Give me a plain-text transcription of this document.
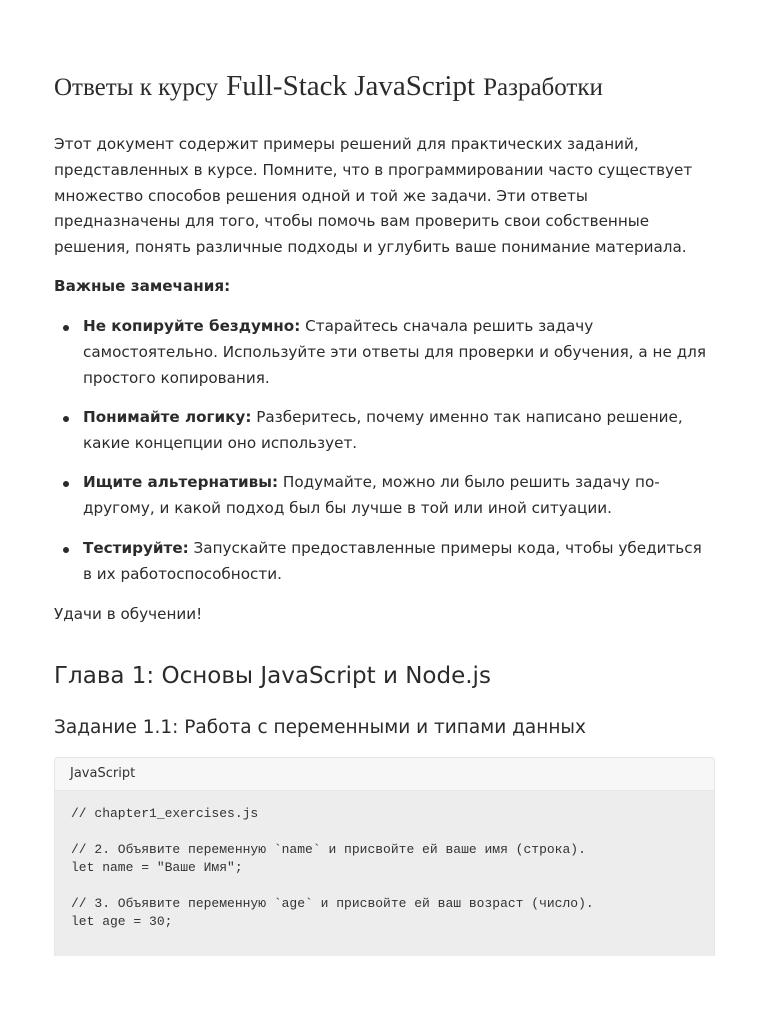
Ответы к курсу Full-Stack JavaScript Разработки

Этот документ содержит примеры решений для практических заданий, представленных в курсе. Помните, что в программировании часто существует множество способов решения одной и той же задачи. Эти ответы предназначены для того, чтобы помочь вам проверить свои собственные решения, понять различные подходы и углубить ваше понимание материала.

Важные замечания:

Не копируйте бездумно: Старайтесь сначала решить задачу самостоятельно. Используйте эти ответы для проверки и обучения, а не для простого копирования.
Понимайте логику: Разберитесь, почему именно так написано решение, какие концепции оно использует.
Ищите альтернативы: Подумайте, можно ли было решить задачу по-другому, и какой подход был бы лучше в той или иной ситуации.
Тестируйте: Запускайте предоставленные примеры кода, чтобы убедиться в их работоспособности.

Удачи в обучении!

Глава 1: Основы JavaScript и Node.js
Задание 1.1: Работа с переменными и типами данных
JavaScript
// chapter1_exercises.js
// 2. Объявите переменную `name` и присвойте ей ваше имя (строка).
let name = "Ваше Имя";
// 3. Объявите переменную `age` и присвойте ей ваш возраст (число).
let age = 30;
